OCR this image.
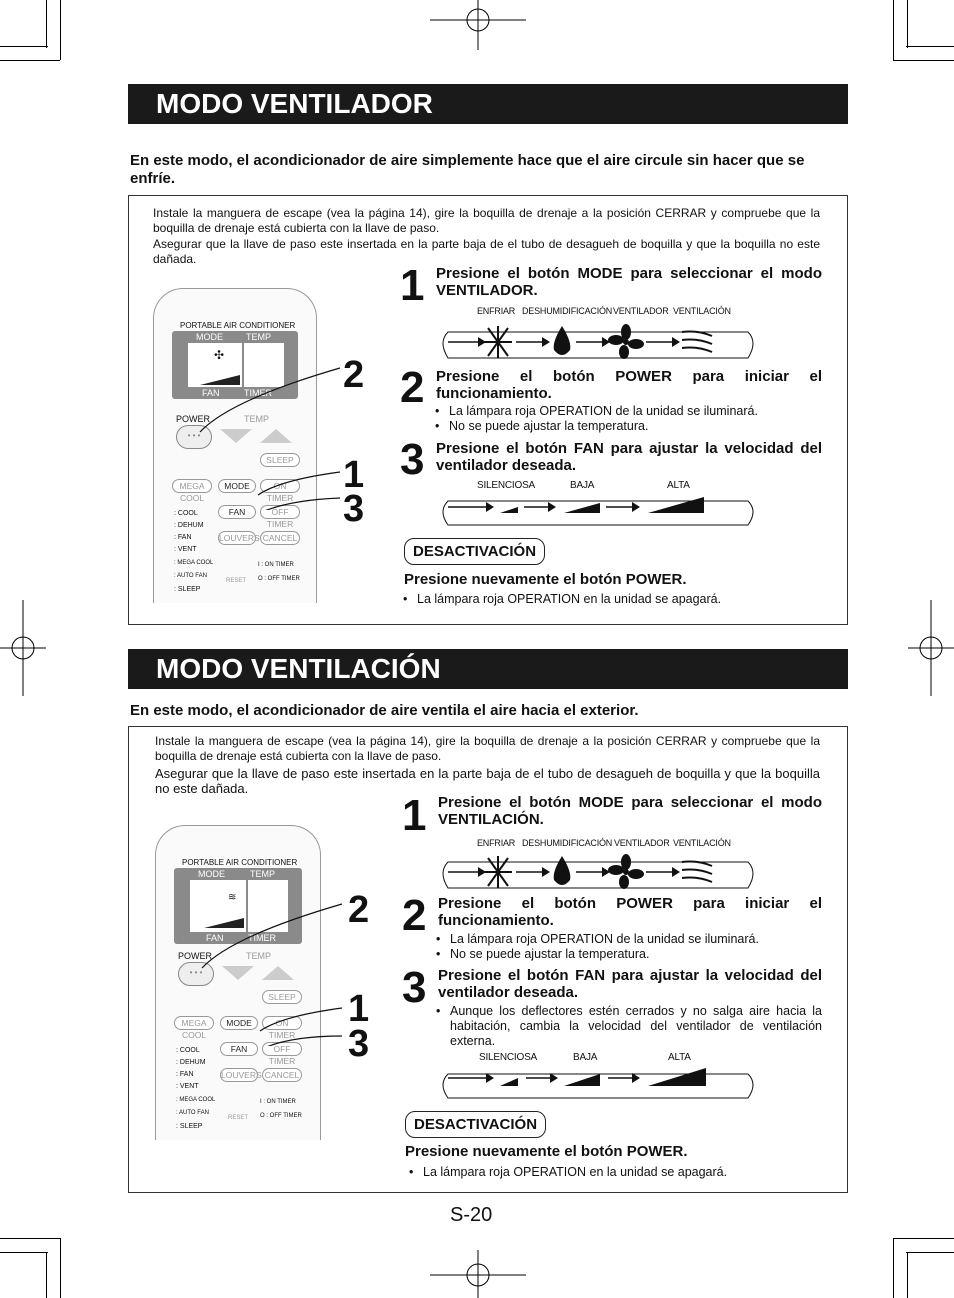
MODO VENTILADOR
En este modo, el acondicionador de aire simplemente hace que el aire circule sin hacer que se enfríe.
Instale la manguera de escape (vea la página 14), gire la boquilla de drenaje a la posición CERRAR y compruebe que la boquilla de drenaje está cubierta con la llave de paso.
Asegurar que la llave de paso este insertada en la parte baja de el tubo de desagueh de boquilla y que la boquilla no este dañada.
PORTABLE AIR CONDITIONER
MODE	TEMP
✣
FAN	TIMER
POWER
• • •
TEMP
SLEEP
MEGA COOL
MODE	ON TIMER
FAN	OFF TIMER
LOUVERS CANCEL
: COOL
: DEHUM
: FAN
: VENT
: MEGA COOL
: AUTO FAN
: SLEEP
RESET
I : ON TIMER
O : OFF TIMER
2
1
3
1 Presione el botón MODE para seleccionar el modo VENTILADOR.
ENFRIAR DESHUMIDIFICACIÓN VENTILADOR VENTILACIÓN
2 Presione el botón POWER para iniciar el funcionamiento.
• La lámpara roja OPERATION de la unidad se iluminará.
• No se puede ajustar la temperatura.
3 Presione el botón FAN para ajustar la velocidad del ventilador deseada.
SILENCIOSA	BAJA	ALTA
DESACTIVACIÓN
Presione nuevamente el botón POWER.
• La lámpara roja OPERATION en la unidad se apagará.
MODO VENTILACIÓN
En este modo, el acondicionador de aire ventila el aire hacia el exterior.
Instale la manguera de escape (vea la página 14), gire la boquilla de drenaje a la posición CERRAR y compruebe que la boquilla de drenaje está cubierta con la llave de paso.
Asegurar que la llave de paso este insertada en la parte baja de el tubo de desagueh de boquilla y que la boquilla no este dañada.
PORTABLE AIR CONDITIONER
MODE	TEMP
≋
FAN	TIMER
POWER
• • •
TEMP
SLEEP
MEGA COOL
MODE	ON TIMER
FAN	OFF TIMER
LOUVERS CANCEL
: COOL
: DEHUM
: FAN
: VENT
: MEGA COOL
: AUTO FAN
: SLEEP
RESET
I : ON TIMER
O : OFF TIMER
2
1
3
1 Presione el botón MODE para seleccionar el modo VENTILACIÓN.
ENFRIAR DESHUMIDIFICACIÓN VENTILADOR VENTILACIÓN
2 Presione el botón POWER para iniciar el funcionamiento.
• La lámpara roja OPERATION de la unidad se iluminará.
• No se puede ajustar la temperatura.
3 Presione el botón FAN para ajustar la velocidad del ventilador deseada.
• Aunque los deflectores estén cerrados y no salga aire hacia la habitación, cambia la velocidad del ventilador de ventilación externa.
SILENCIOSA	BAJA	ALTA
DESACTIVACIÓN
Presione nuevamente el botón POWER.
• La lámpara roja OPERATION en la unidad se apagará.
S-20
